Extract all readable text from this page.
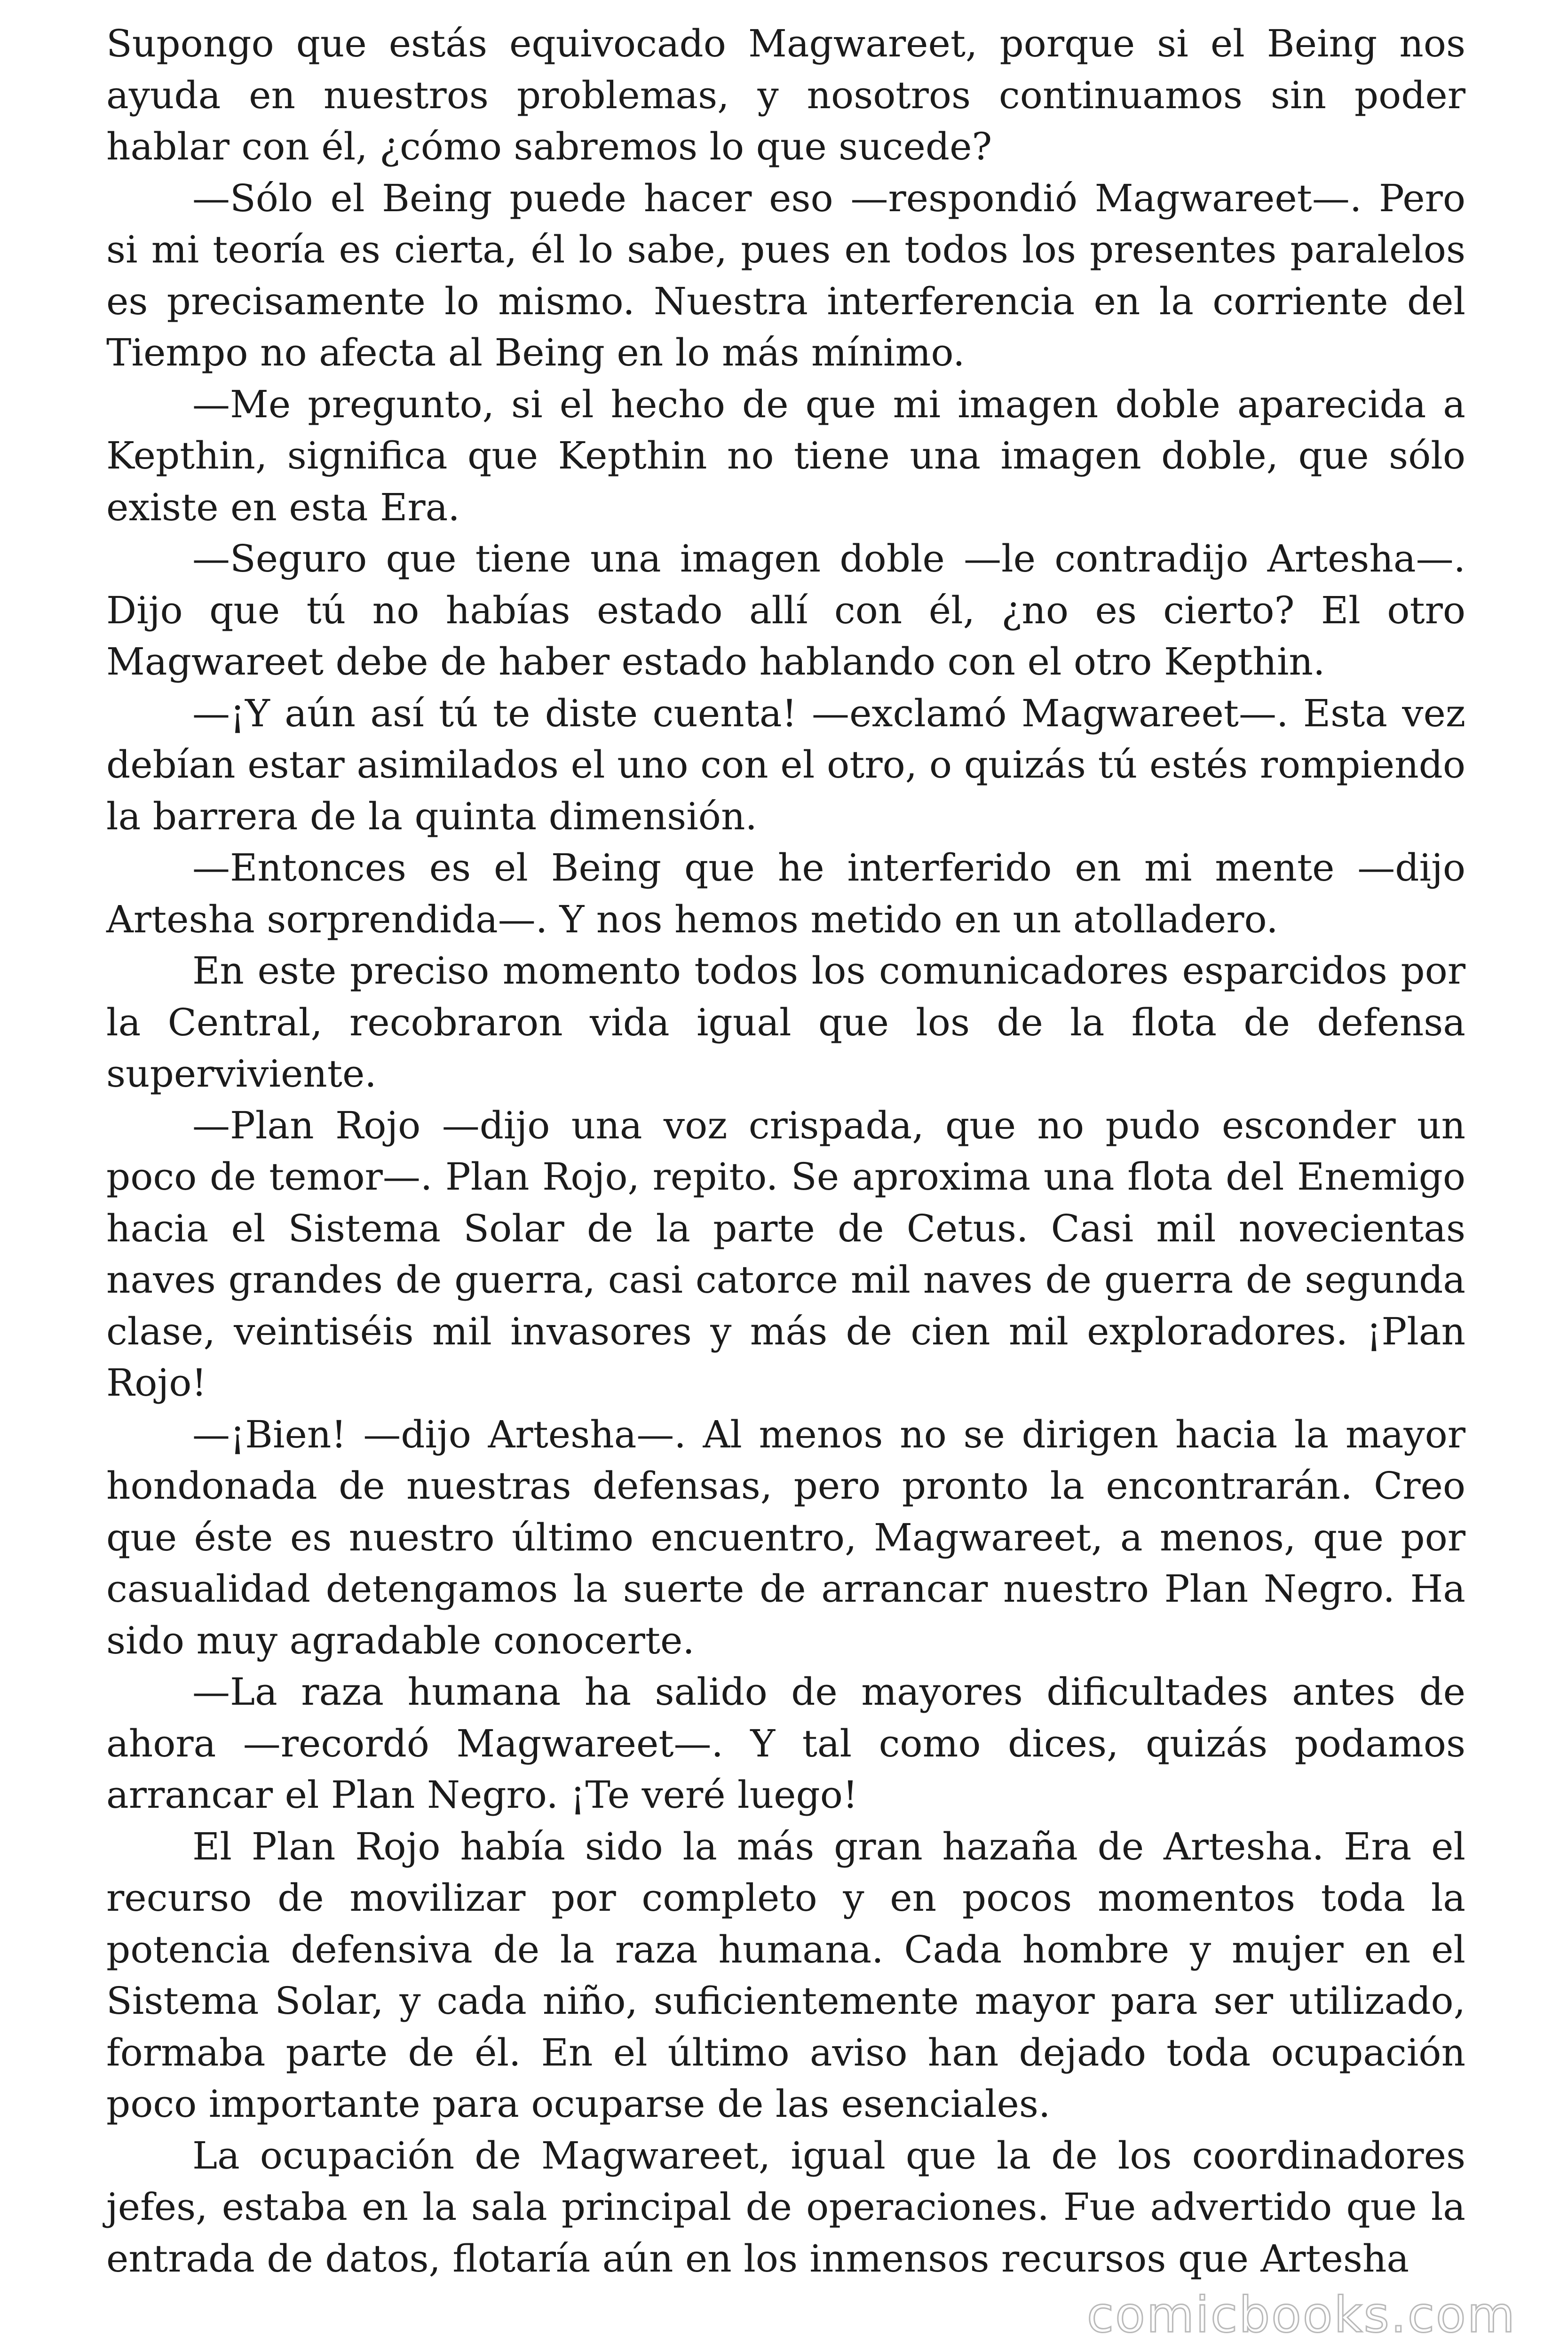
Supongo que estás equivocado Magwareet, porque si el Being nos ayuda en nuestros problemas, y nosotros continuamos sin poder hablar con él, ¿cómo sabremos lo que sucede?

—Sólo el Being puede hacer eso —respondió Magwareet—. Pero si mi teoría es cierta, él lo sabe, pues en todos los presentes paralelos es precisamente lo mismo. Nuestra interferencia en la corriente del Tiempo no afecta al Being en lo más mínimo.

—Me pregunto, si el hecho de que mi imagen doble aparecida a Kepthin, significa que Kepthin no tiene una imagen doble, que sólo existe en esta Era.

—Seguro que tiene una imagen doble —le contradijo Artesha—. Dijo que tú no habías estado allí con él, ¿no es cierto? El otro Magwareet debe de haber estado hablando con el otro Kepthin.

—¡Y aún así tú te diste cuenta! —exclamó Magwareet—. Esta vez debían estar asimilados el uno con el otro, o quizás tú estés rompiendo la barrera de la quinta dimensión.

—Entonces es el Being que he interferido en mi mente —dijo Artesha sorprendida—. Y nos hemos metido en un atolladero.

En este preciso momento todos los comunicadores esparcidos por la Central, recobraron vida igual que los de la flota de defensa superviviente.

—Plan Rojo —dijo una voz crispada, que no pudo esconder un poco de temor—. Plan Rojo, repito. Se aproxima una flota del Enemigo hacia el Sistema Solar de la parte de Cetus. Casi mil novecientas naves grandes de guerra, casi catorce mil naves de guerra de segunda clase, veintiséis mil invasores y más de cien mil exploradores. ¡Plan Rojo!

—¡Bien! —dijo Artesha—. Al menos no se dirigen hacia la mayor hondonada de nuestras defensas, pero pronto la encontrarán. Creo que éste es nuestro último encuentro, Magwareet, a menos, que por casualidad detengamos la suerte de arrancar nuestro Plan Negro. Ha sido muy agradable conocerte.

—La raza humana ha salido de mayores dificultades antes de ahora —recordó Magwareet—. Y tal como dices, quizás podamos arrancar el Plan Negro. ¡Te veré luego!

El Plan Rojo había sido la más gran hazaña de Artesha. Era el recurso de movilizar por completo y en pocos momentos toda la potencia defensiva de la raza humana. Cada hombre y mujer en el Sistema Solar, y cada niño, suficientemente mayor para ser utilizado, formaba parte de él. En el último aviso han dejado toda ocupación poco importante para ocuparse de las esenciales.

La ocupación de Magwareet, igual que la de los coordinadores jefes, estaba en la sala principal de operaciones. Fue advertido que la entrada de datos, flotaría aún en los inmensos recursos que Artesha

comicbooks.com
